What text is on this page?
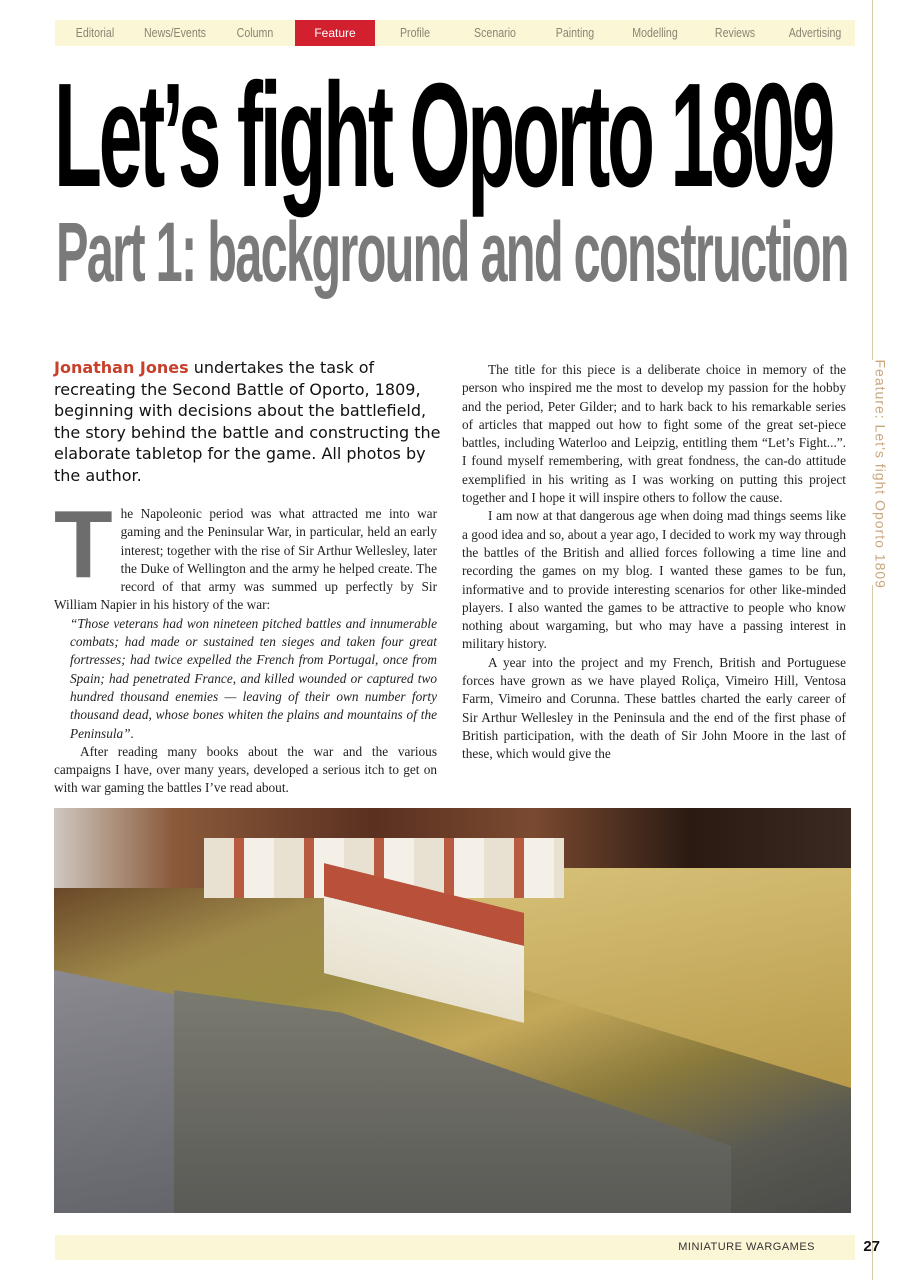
Editorial	News/Events	Column	Feature	Profile	Scenario	Painting	Modelling	Reviews	Advertising
Feature: Let’s fight Oporto 1809
Let’s fight Oporto 1809
Part 1: background and construction
Jonathan Jones undertakes the task of recreating the Second Battle of Oporto, 1809, beginning with decisions about the battlefield, the story behind the battle and constructing the elaborate tabletop for the game. All photos by the author.
T he Napoleonic period was what attracted me into war gaming and the Peninsular War, in particular, held an early interest; together with the rise of Sir Arthur Wellesley, later the Duke of Wellington and the army he helped create. The record of that army was summed up perfectly by Sir William Napier in his history of the war:

“Those veterans had won nineteen pitched battles and innumerable combats; had made or sustained ten sieges and taken four great fortresses; had twice expelled the French from Portugal, once from Spain; had penetrated France, and killed wounded or captured two hundred thousand enemies — leaving of their own number forty thousand dead, whose bones whiten the plains and mountains of the Peninsula”.

After reading many books about the war and the various campaigns I have, over many years, developed a serious itch to get on with war gaming the battles I’ve read about.

The title for this piece is a deliberate choice in memory of the person who inspired me the most to develop my passion for the hobby and the period, Peter Gilder; and to hark back to his remarkable series of articles that mapped out how to fight some of the great set-piece battles, including Waterloo and Leipzig, entitling them “Let’s Fight...”. I found myself remembering, with great fondness, the can-do attitude exemplified in his writing as I was working on putting this project together and I hope it will inspire others to follow the cause.

I am now at that dangerous age when doing mad things seems like a good idea and so, about a year ago, I decided to work my way through the battles of the British and allied forces following a time line and recording the games on my blog. I wanted these games to be fun, informative and to provide interesting scenarios for other like-minded players. I also wanted the games to be attractive to people who know nothing about wargaming, but who may have a passing interest in military history.

A year into the project and my French, British and Portuguese forces have grown as we have played Roliça, Vimeiro Hill, Ventosa Farm, Vimeiro and Corunna. These battles charted the early career of Sir Arthur Wellesley in the Peninsula and the end of the first phase of British participation, with the death of Sir John Moore in the last of these, which would give the

MINIATURE WARGAMES	27
